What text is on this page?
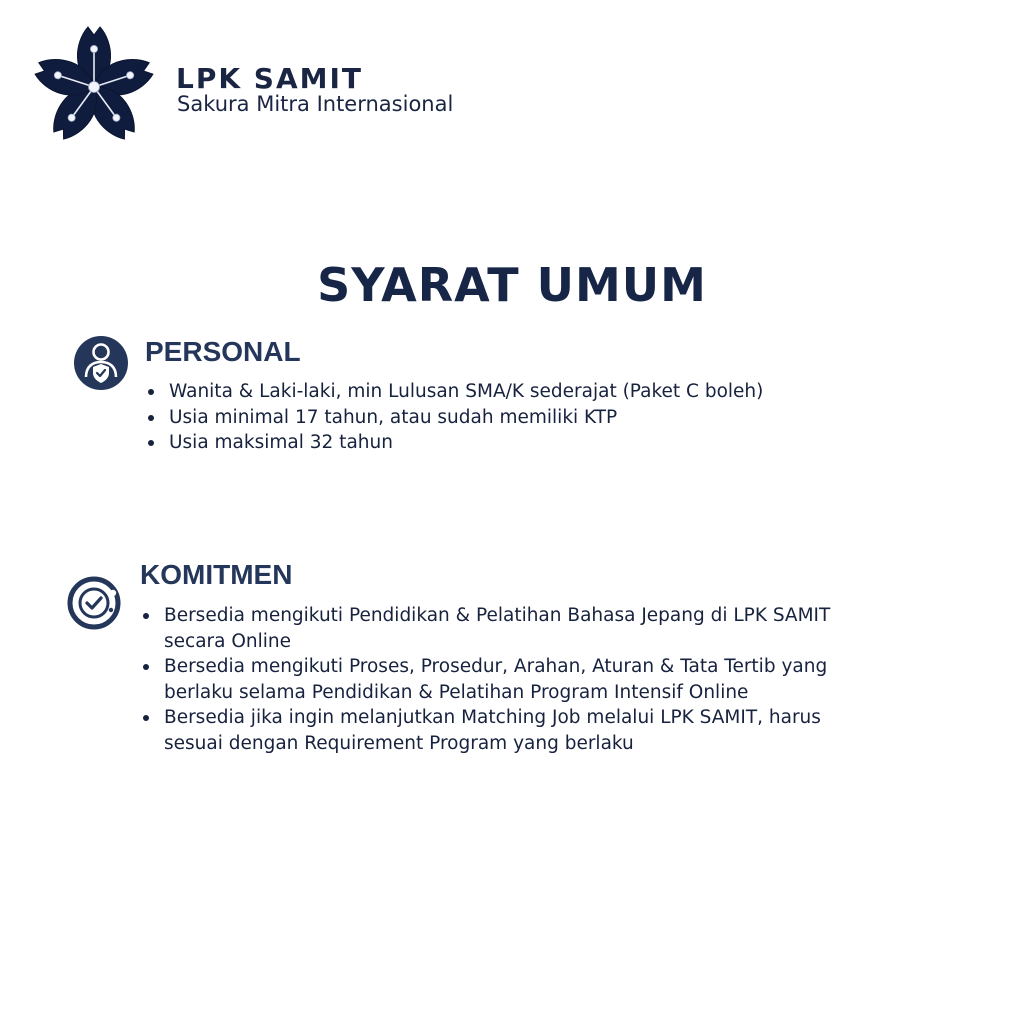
LPK SAMIT
Sakura Mitra Internasional
SYARAT UMUM
PERSONAL
Wanita & Laki-laki, min Lulusan SMA/K sederajat (Paket C boleh)
Usia minimal 17 tahun, atau sudah memiliki KTP
Usia maksimal 32 tahun
KOMITMEN
Bersedia mengikuti Pendidikan & Pelatihan Bahasa Jepang di LPK SAMIT secara Online
Bersedia mengikuti Proses, Prosedur, Arahan, Aturan & Tata Tertib yang berlaku selama Pendidikan & Pelatihan Program Intensif Online
Bersedia jika ingin melanjutkan Matching Job melalui LPK SAMIT, harus sesuai dengan Requirement Program yang berlaku
